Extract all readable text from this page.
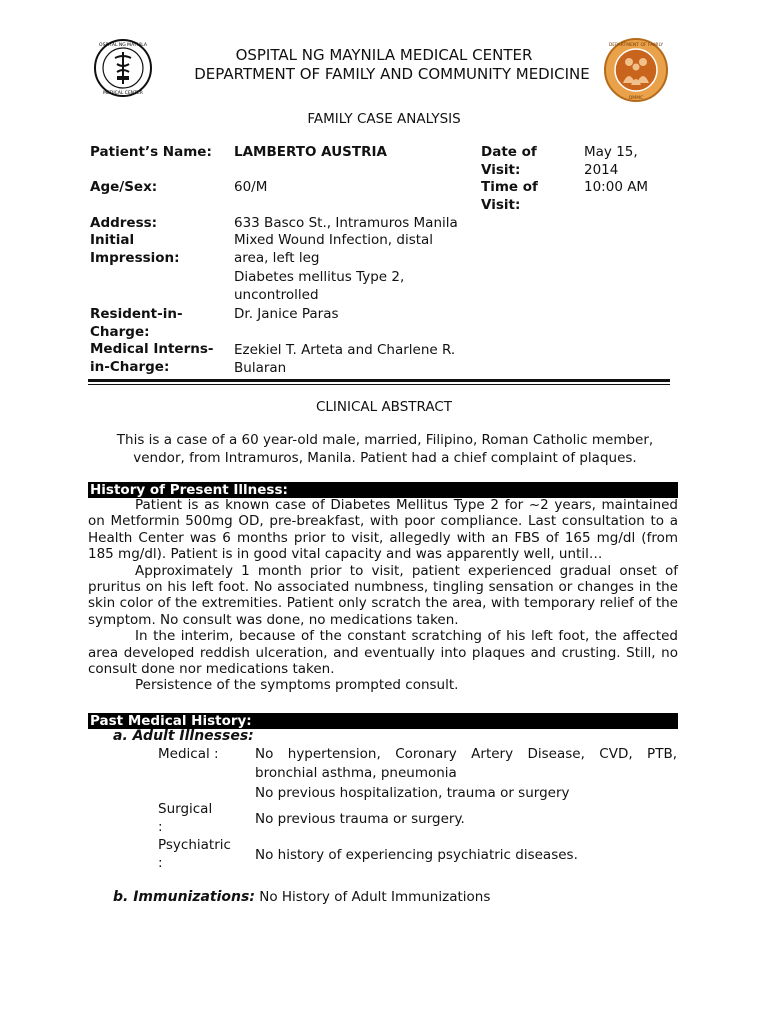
OSPITAL NG MAYNILA
MEDICAL CENTER
DEPARTMENT OF FAMILY
OMMC
OSPITAL NG MAYNILA MEDICAL CENTER
DEPARTMENT OF FAMILY AND COMMUNITY MEDICINE
FAMILY CASE ANALYSIS
Patient’s Name:	LAMBERTO AUSTRIA	Date of Visit:
May 15, 2014
Age/Sex:	60/M	Time of Visit:
10:00 AM
Address:	633 Basco St., Intramuros Manila
Initial Impression:
Mixed Wound Infection, distal area, left leg
Diabetes mellitus Type 2, uncontrolled
Resident-in-Charge:
Dr. Janice Paras
Medical Interns-in-Charge:
Ezekiel T. Arteta and Charlene R. Bularan
CLINICAL ABSTRACT
This is a case of a 60 year-old male, married, Filipino, Roman Catholic member, vendor, from Intramuros, Manila. Patient had a chief complaint of plaques.
History of Present Illness:

Patient is as known case of Diabetes Mellitus Type 2 for ~2 years, maintained on Metformin 500mg OD, pre-breakfast, with poor compliance. Last consultation to a Health Center was 6 months prior to visit, allegedly with an FBS of 165 mg/dl (from 185 mg/dl). Patient is in good vital capacity and was apparently well, until…

Approximately 1 month prior to visit, patient experienced gradual onset of pruritus on his left foot. No associated numbness, tingling sensation or changes in the skin color of the extremities. Patient only scratch the area, with temporary relief of the symptom. No consult was done, no medications taken.

In the interim, because of the constant scratching of his left foot, the affected area developed reddish ulceration, and eventually into plaques and crusting. Still, no consult done nor medications taken.

Persistence of the symptoms prompted consult.

Past Medical History:
a. Adult Illnesses:
Medical :	No hypertension, Coronary Artery Disease, CVD, PTB, bronchial asthma, pneumonia
No previous hospitalization, trauma or surgery
Surgical :	No previous trauma or surgery.
Psychiatric :	No history of experiencing psychiatric diseases.
b. Immunizations: No History of Adult Immunizations
